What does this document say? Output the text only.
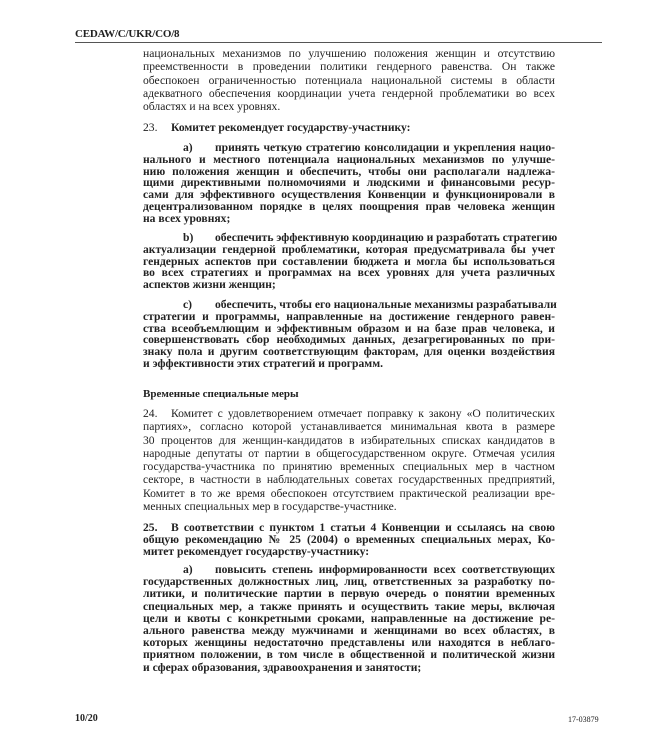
CEDAW/C/UKR/CO/8
национальных механизмов по улучшению положения женщин и отсутствию
преемственности в проведении политики гендерного равенства. Он также
обеспокоен ограниченностью потенциала национальной системы в области
адекватного обеспечения координации учета гендерной проблематики во всех
областях и на всех уровнях.
23. Комитет рекомендует государству-участнику:
a) принять четкую стратегию консолидации и укрепления нацио-
нального и местного потенциала национальных механизмов по улучше-
нию положения женщин и обеспечить, чтобы они располагали надлежа-
щими директивными полномочиями и людскими и финансовыми ресур-
сами для эффективного осуществления Конвенции и функционировали в
децентрализованном порядке в целях поощрения прав человека женщин
на всех уровнях;
b) обеспечить эффективную координацию и разработать стратегию
актуализации гендерной проблематики, которая предусматривала бы учет
гендерных аспектов при составлении бюджета и могла бы использоваться
во всех стратегиях и программах на всех уровнях для учета различных
аспектов жизни женщин;
c) обеспечить, чтобы его национальные механизмы разрабатывали
стратегии и программы, направленные на достижение гендерного равен-
ства всеобъемлющим и эффективным образом и на базе прав человека, и
совершенствовать сбор необходимых данных, дезагрегированных по при-
знаку пола и другим соответствующим факторам, для оценки воздействия
и эффективности этих стратегий и программ.
Временные специальные меры
24. Комитет с удовлетворением отмечает поправку к закону «О политических
партиях», согласно которой устанавливается минимальная квота в размере
30 процентов для женщин-кандидатов в избирательных списках кандидатов в
народные депутаты от партии в общегосударственном округе. Отмечая усилия
государства-участника по принятию временных специальных мер в частном
секторе, в частности в наблюдательных советах государственных предприятий,
Комитет в то же время обеспокоен отсутствием практической реализации вре-
менных специальных мер в государстве-участнике.
25. В соответствии с пунктом 1 статьи 4 Конвенции и ссылаясь на свою
общую рекомендацию № 25 (2004) о временных специальных мерах, Ко-
митет рекомендует государству-участнику:
a) повысить степень информированности всех соответствующих
государственных должностных лиц, лиц, ответственных за разработку по-
литики, и политические партии в первую очередь о понятии временных
специальных мер, а также принять и осуществить такие меры, включая
цели и квоты с конкретными сроками, направленные на достижение ре-
ального равенства между мужчинами и женщинами во всех областях, в
которых женщины недостаточно представлены или находятся в неблаго-
приятном положении, в том числе в общественной и политической жизни
и сферах образования, здравоохранения и занятости;
10/20	17-03879
